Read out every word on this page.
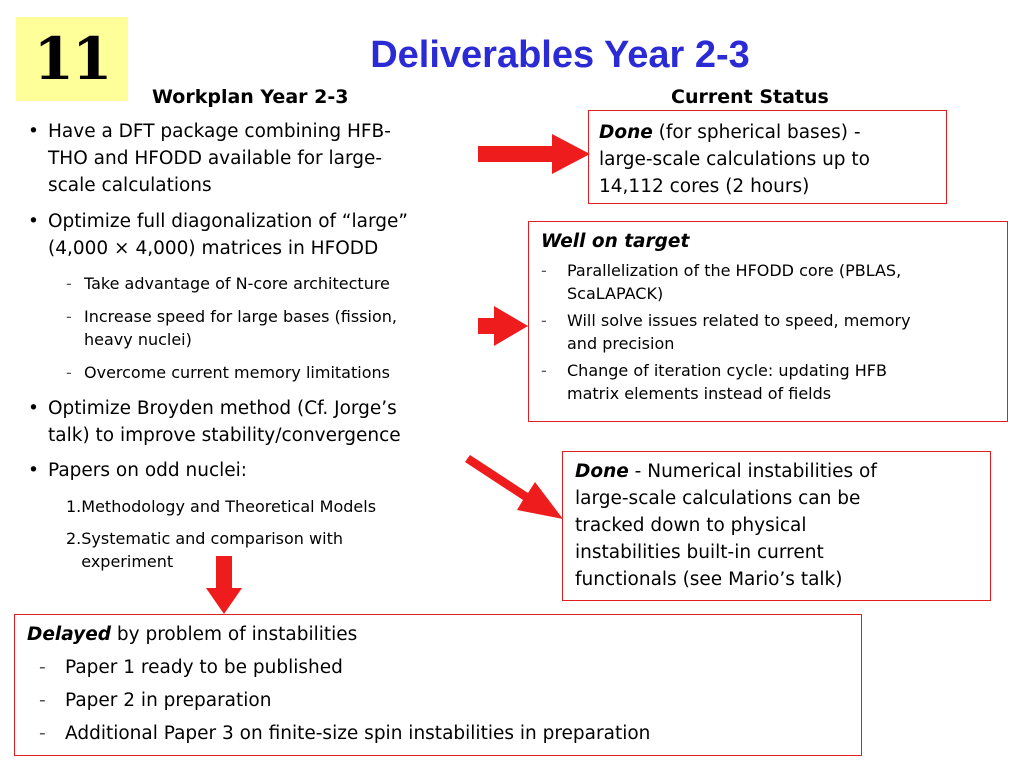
11	Deliverables Year 2-3
Workplan Year 2-3	Current Status
• Have a DFT package combining HFB-
THO and HFODD available for large-
scale calculations
• Optimize full diagonalization of “large”
(4,000 × 4,000) matrices in HFODD
- Take advantage of N-core architecture
- Increase speed for large bases (fission,
heavy nuclei)
- Overcome current memory limitations
• Optimize Broyden method (Cf. Jorge’s
talk) to improve stability/convergence
• Papers on odd nuclei:
1. Methodology and Theoretical Models
2. Systematic and comparison with
experiment
Done (for spherical bases) -
large-scale calculations up to
14,112 cores (2 hours)
Well on target
-	Parallelization of the HFODD core (PBLAS,
ScaLAPACK)
-	Will solve issues related to speed, memory
and precision
-	Change of iteration cycle: updating HFB
matrix elements instead of fields
Done - Numerical instabilities of
large-scale calculations can be
tracked down to physical
instabilities built-in current
functionals (see Mario’s talk)
Delayed by problem of instabilities
-	Paper 1 ready to be published
-	Paper 2 in preparation
-	Additional Paper 3 on finite-size spin instabilities in preparation
